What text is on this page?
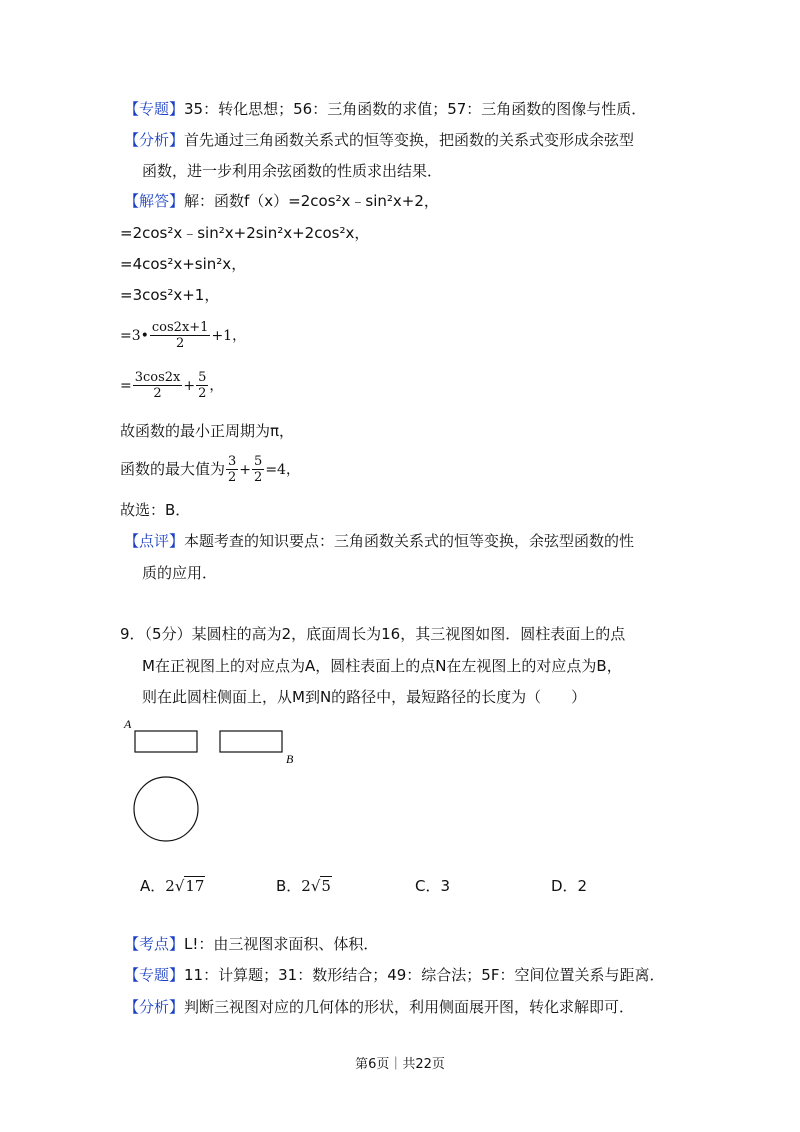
【专题】35：转化思想；56：三角函数的求值；57：三角函数的图像与性质．
【分析】首先通过三角函数关系式的恒等变换，把函数的关系式变形成余弦型
函数，进一步利用余弦函数的性质求出结果．
【解答】解：函数f（x）=2cos²x﹣sin²x+2，
=2cos²x﹣sin²x+2sin²x+2cos²x，
=4cos²x+sin²x，
=3cos²x+1，
=3• $\frac{\cos 2x+1}{2} +1$，
= $\frac{3\cos 2x}{2} + \frac{5}{2}$ ，
故函数的最小正周期为π，
函数的最大值为 $\frac{3}{2} + \frac{5}{2} =4$，
故选：B．
【点评】本题考查的知识要点：三角函数关系式的恒等变换，余弦型函数的性
质的应用．
9．（5分）某圆柱的高为2，底面周长为16，其三视图如图．圆柱表面上的点
M在正视图上的对应点为A，圆柱表面上的点N在左视图上的对应点为B，
则在此圆柱侧面上，从M到N的路径中，最短路径的长度为（　　）
A
B
A．2√17	B．2√5	C．3	D．2
【考点】L!：由三视图求面积、体积．
【专题】11：计算题；31：数形结合；49：综合法；5F：空间位置关系与距离．
【分析】判断三视图对应的几何体的形状，利用侧面展开图，转化求解即可．
第6页｜共22页
